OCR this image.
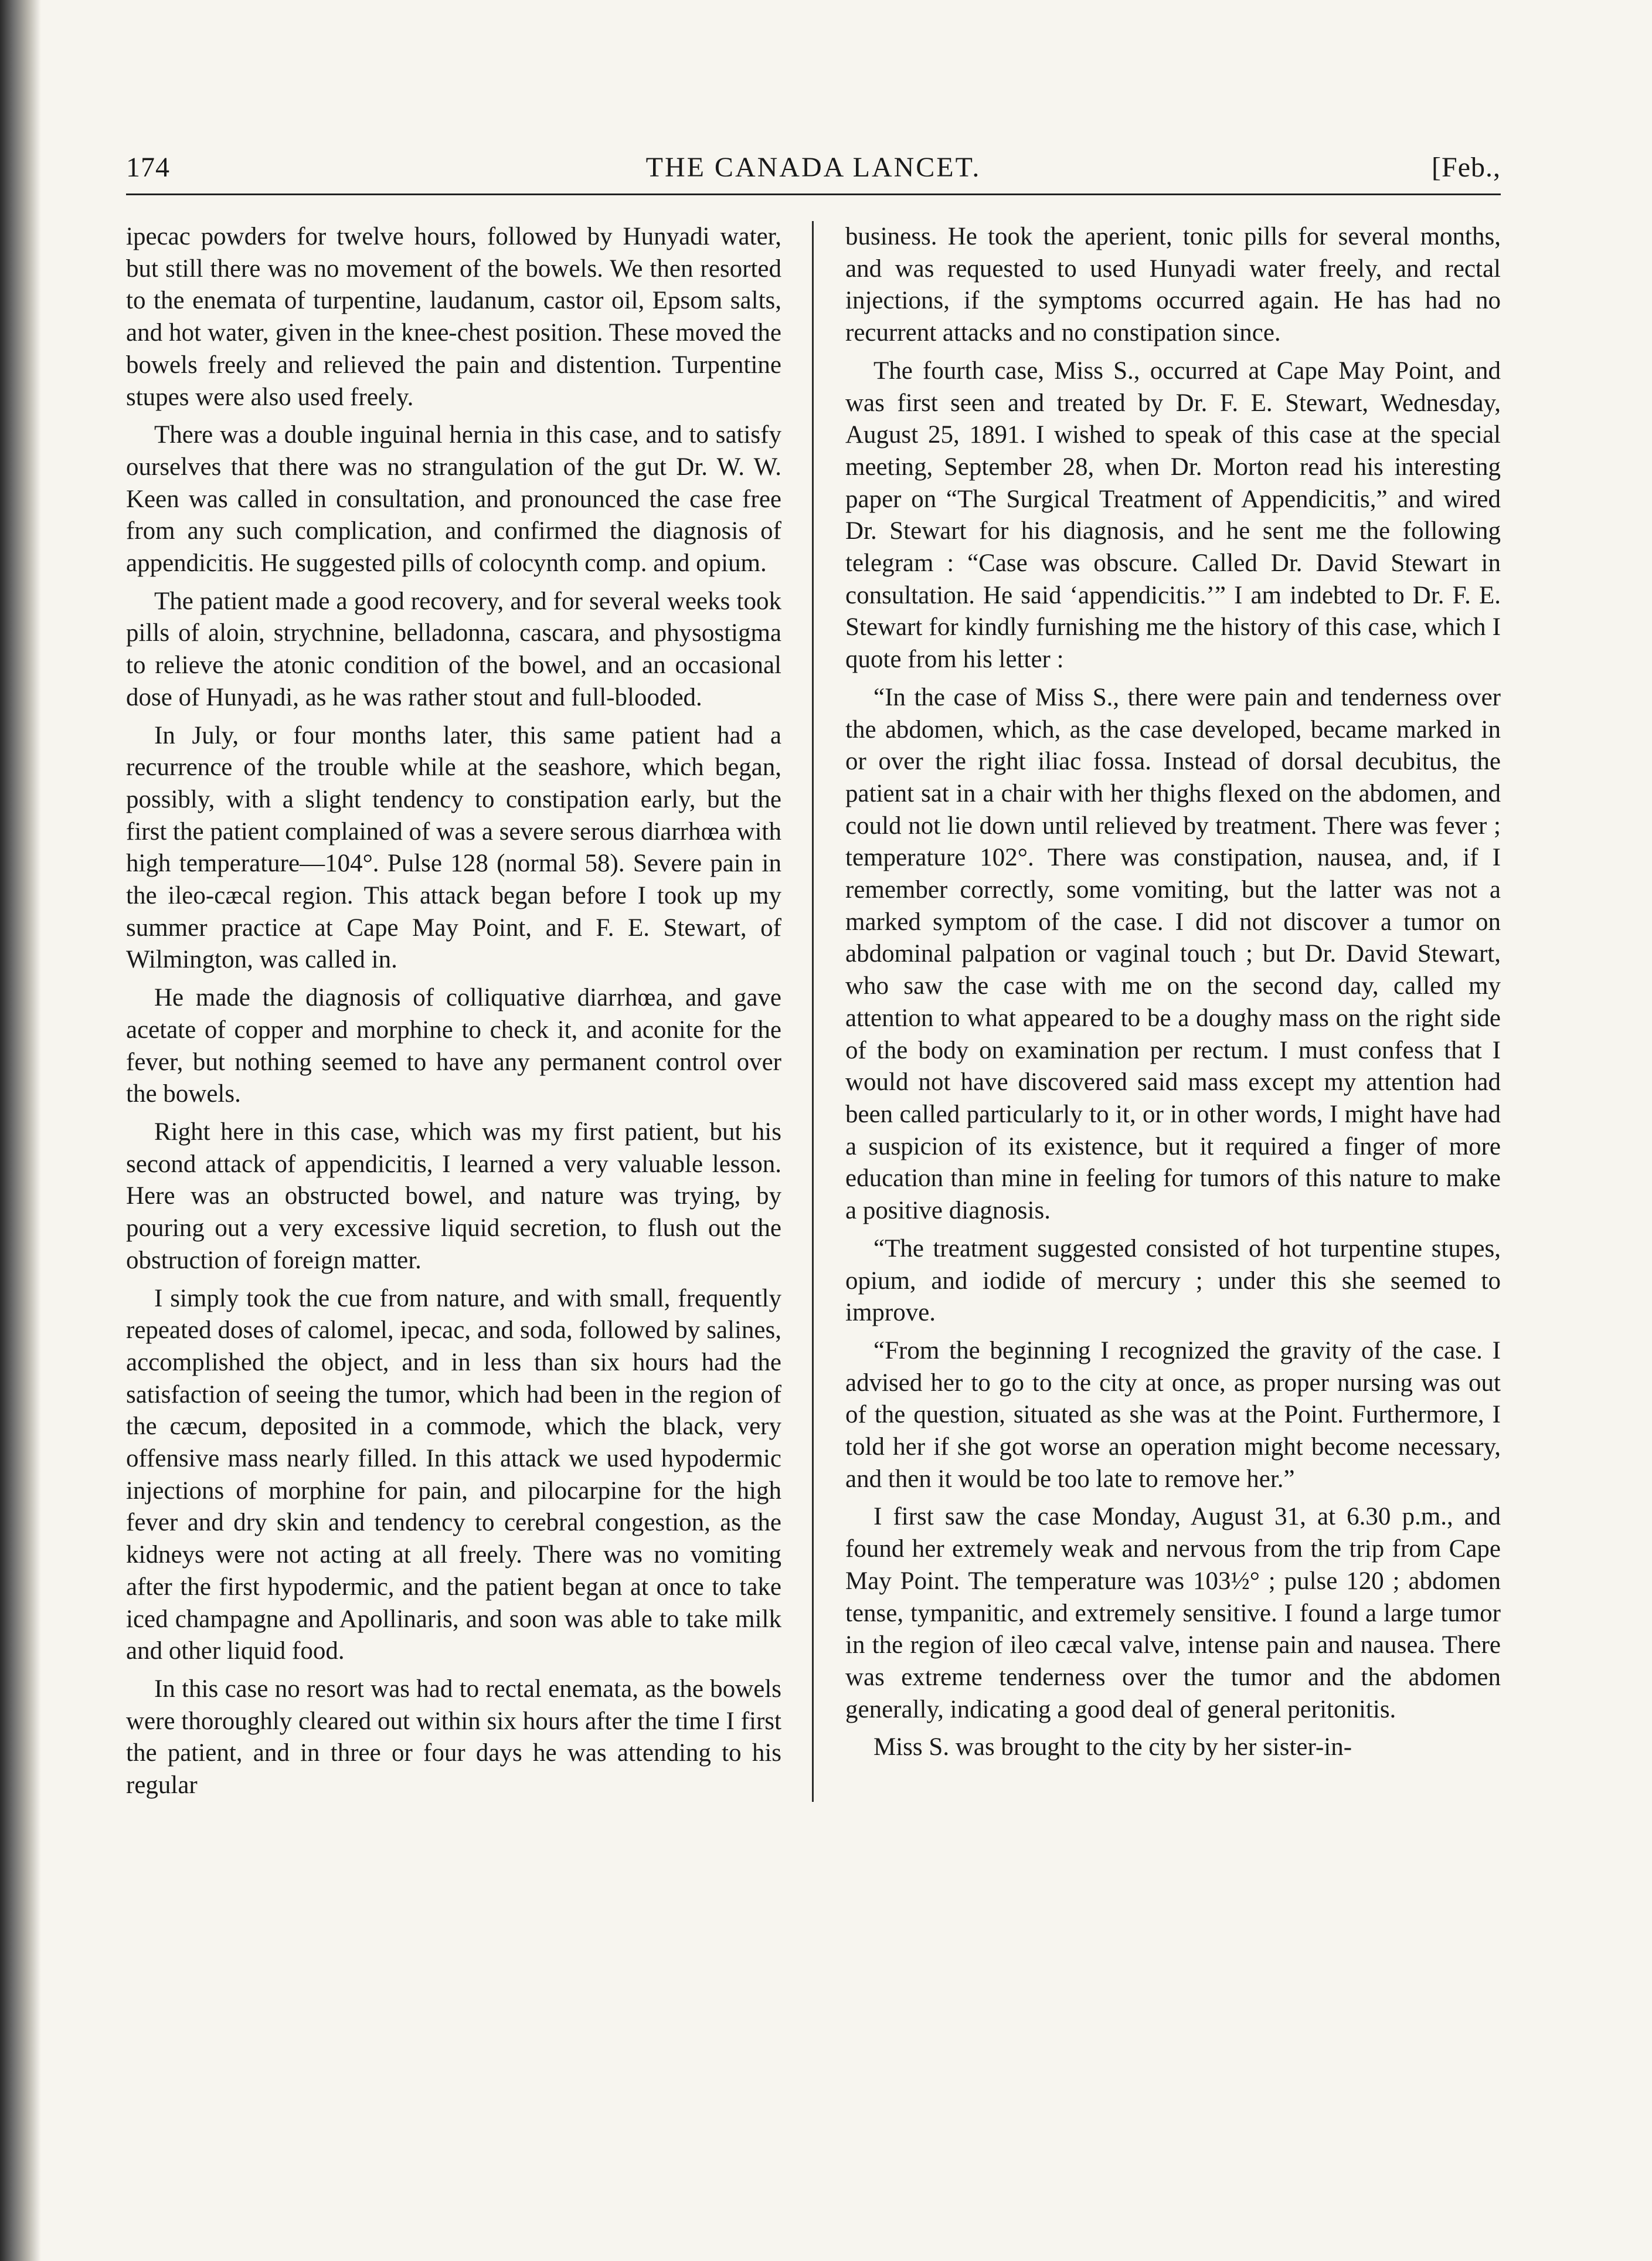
174	THE CANADA LANCET.	[Feb.,

ipecac powders for twelve hours, followed by Hunyadi water, but still there was no movement of the bowels. We then resorted to the enemata of turpentine, laudanum, castor oil, Epsom salts, and hot water, given in the knee-chest position. These moved the bowels freely and relieved the pain and distention. Turpentine stupes were also used freely.

There was a double inguinal hernia in this case, and to satisfy ourselves that there was no strangulation of the gut Dr. W. W. Keen was called in consultation, and pronounced the case free from any such complication, and confirmed the diagnosis of appendicitis. He suggested pills of colocynth comp. and opium.

The patient made a good recovery, and for several weeks took pills of aloin, strychnine, belladonna, cascara, and physostigma to relieve the atonic condition of the bowel, and an occasional dose of Hunyadi, as he was rather stout and full-blooded.

In July, or four months later, this same patient had a recurrence of the trouble while at the seashore, which began, possibly, with a slight tendency to constipation early, but the first the patient complained of was a severe serous diarrhœa with high temperature—104°. Pulse 128 (normal 58). Severe pain in the ileo-cæcal region. This attack began before I took up my summer practice at Cape May Point, and F. E. Stewart, of Wilmington, was called in.

He made the diagnosis of colliquative diarrhœa, and gave acetate of copper and morphine to check it, and aconite for the fever, but nothing seemed to have any permanent control over the bowels.

Right here in this case, which was my first patient, but his second attack of appendicitis, I learned a very valuable lesson. Here was an obstructed bowel, and nature was trying, by pouring out a very excessive liquid secretion, to flush out the obstruction of foreign matter.

I simply took the cue from nature, and with small, frequently repeated doses of calomel, ipecac, and soda, followed by salines, accomplished the object, and in less than six hours had the satisfaction of seeing the tumor, which had been in the region of the cæcum, deposited in a commode, which the black, very offensive mass nearly filled. In this attack we used hypodermic injections of morphine for pain, and pilocarpine for the high fever and dry skin and tendency to cerebral congestion, as the kidneys were not acting at all freely. There was no vomiting after the first hypodermic, and the patient began at once to take iced champagne and Apollinaris, and soon was able to take milk and other liquid food.

In this case no resort was had to rectal enemata, as the bowels were thoroughly cleared out within six hours after the time I first the patient, and in three or four days he was attending to his regular

business. He took the aperient, tonic pills for several months, and was requested to used Hunyadi water freely, and rectal injections, if the symptoms occurred again. He has had no recurrent attacks and no constipation since.

The fourth case, Miss S., occurred at Cape May Point, and was first seen and treated by Dr. F. E. Stewart, Wednesday, August 25, 1891. I wished to speak of this case at the special meeting, September 28, when Dr. Morton read his interesting paper on “The Surgical Treatment of Appendicitis,” and wired Dr. Stewart for his diagnosis, and he sent me the following telegram : “Case was obscure. Called Dr. David Stewart in consultation. He said ‘appendicitis.’” I am indebted to Dr. F. E. Stewart for kindly furnishing me the history of this case, which I quote from his letter :

“In the case of Miss S., there were pain and tenderness over the abdomen, which, as the case developed, became marked in or over the right iliac fossa. Instead of dorsal decubitus, the patient sat in a chair with her thighs flexed on the abdomen, and could not lie down until relieved by treatment. There was fever ; temperature 102°. There was constipation, nausea, and, if I remember correctly, some vomiting, but the latter was not a marked symptom of the case. I did not discover a tumor on abdominal palpation or vaginal touch ; but Dr. David Stewart, who saw the case with me on the second day, called my attention to what appeared to be a doughy mass on the right side of the body on examination per rectum. I must confess that I would not have discovered said mass except my attention had been called particularly to it, or in other words, I might have had a suspicion of its existence, but it required a finger of more education than mine in feeling for tumors of this nature to make a positive diagnosis.

“The treatment suggested consisted of hot turpentine stupes, opium, and iodide of mercury ; under this she seemed to improve.

“From the beginning I recognized the gravity of the case. I advised her to go to the city at once, as proper nursing was out of the question, situated as she was at the Point. Furthermore, I told her if she got worse an operation might become necessary, and then it would be too late to remove her.”

I first saw the case Monday, August 31, at 6.30 p.m., and found her extremely weak and nervous from the trip from Cape May Point. The temperature was 103½° ; pulse 120 ; abdomen tense, tympanitic, and extremely sensitive. I found a large tumor in the region of ileo cæcal valve, intense pain and nausea. There was extreme tenderness over the tumor and the abdomen generally, indicating a good deal of general peritonitis.

Miss S. was brought to the city by her sister-in-
